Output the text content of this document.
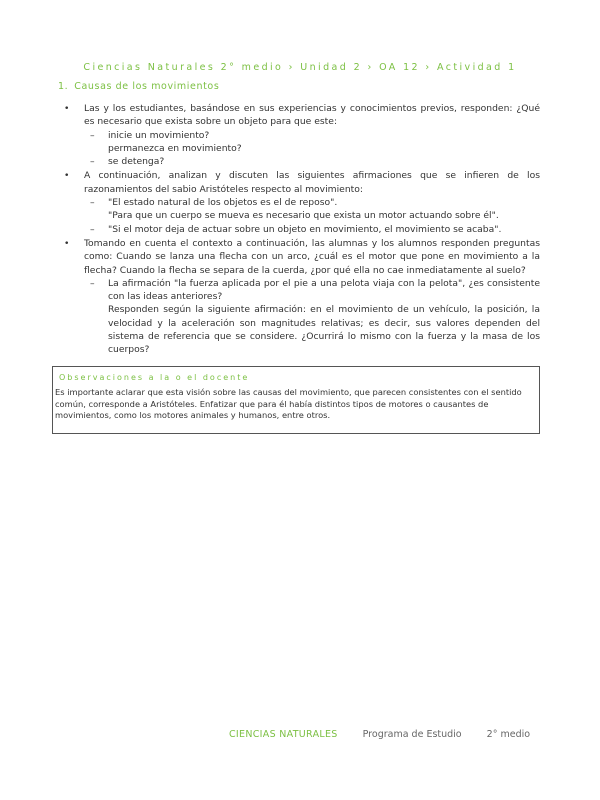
Ciencias Naturales 2° medio › Unidad 2 › OA 12 › Actividad 1
1. Causas de los movimientos
• Las y los estudiantes, basándose en sus experiencias y conocimientos previos, responden: ¿Qué es necesario que exista sobre un objeto para que este:
– inicie un movimiento?
permanezca en movimiento?
– se detenga?
• A continuación, analizan y discuten las siguientes afirmaciones que se infieren de los razonamientos del sabio Aristóteles respecto al movimiento:
– "El estado natural de los objetos es el de reposo".
"Para que un cuerpo se mueva es necesario que exista un motor actuando sobre él".
– "Si el motor deja de actuar sobre un objeto en movimiento, el movimiento se acaba".
• Tomando en cuenta el contexto a continuación, las alumnas y los alumnos responden preguntas como: Cuando se lanza una flecha con un arco, ¿cuál es el motor que pone en movimiento a la flecha? Cuando la flecha se separa de la cuerda, ¿por qué ella no cae inmediatamente al suelo?
– La afirmación "la fuerza aplicada por el pie a una pelota viaja con la pelota", ¿es consistente con las ideas anteriores?
Responden según la siguiente afirmación: en el movimiento de un vehículo, la posición, la velocidad y la aceleración son magnitudes relativas; es decir, sus valores dependen del sistema de referencia que se considere. ¿Ocurrirá lo mismo con la fuerza y la masa de los cuerpos?
Observaciones a la o el docente
Es importante aclarar que esta visión sobre las causas del movimiento, que parecen consistentes con el sentido común, corresponde a Aristóteles. Enfatizar que para él había distintos tipos de motores o causantes de movimientos, como los motores animales y humanos, entre otros.
CIENCIAS NATURALES	Programa de Estudio	2° medio
